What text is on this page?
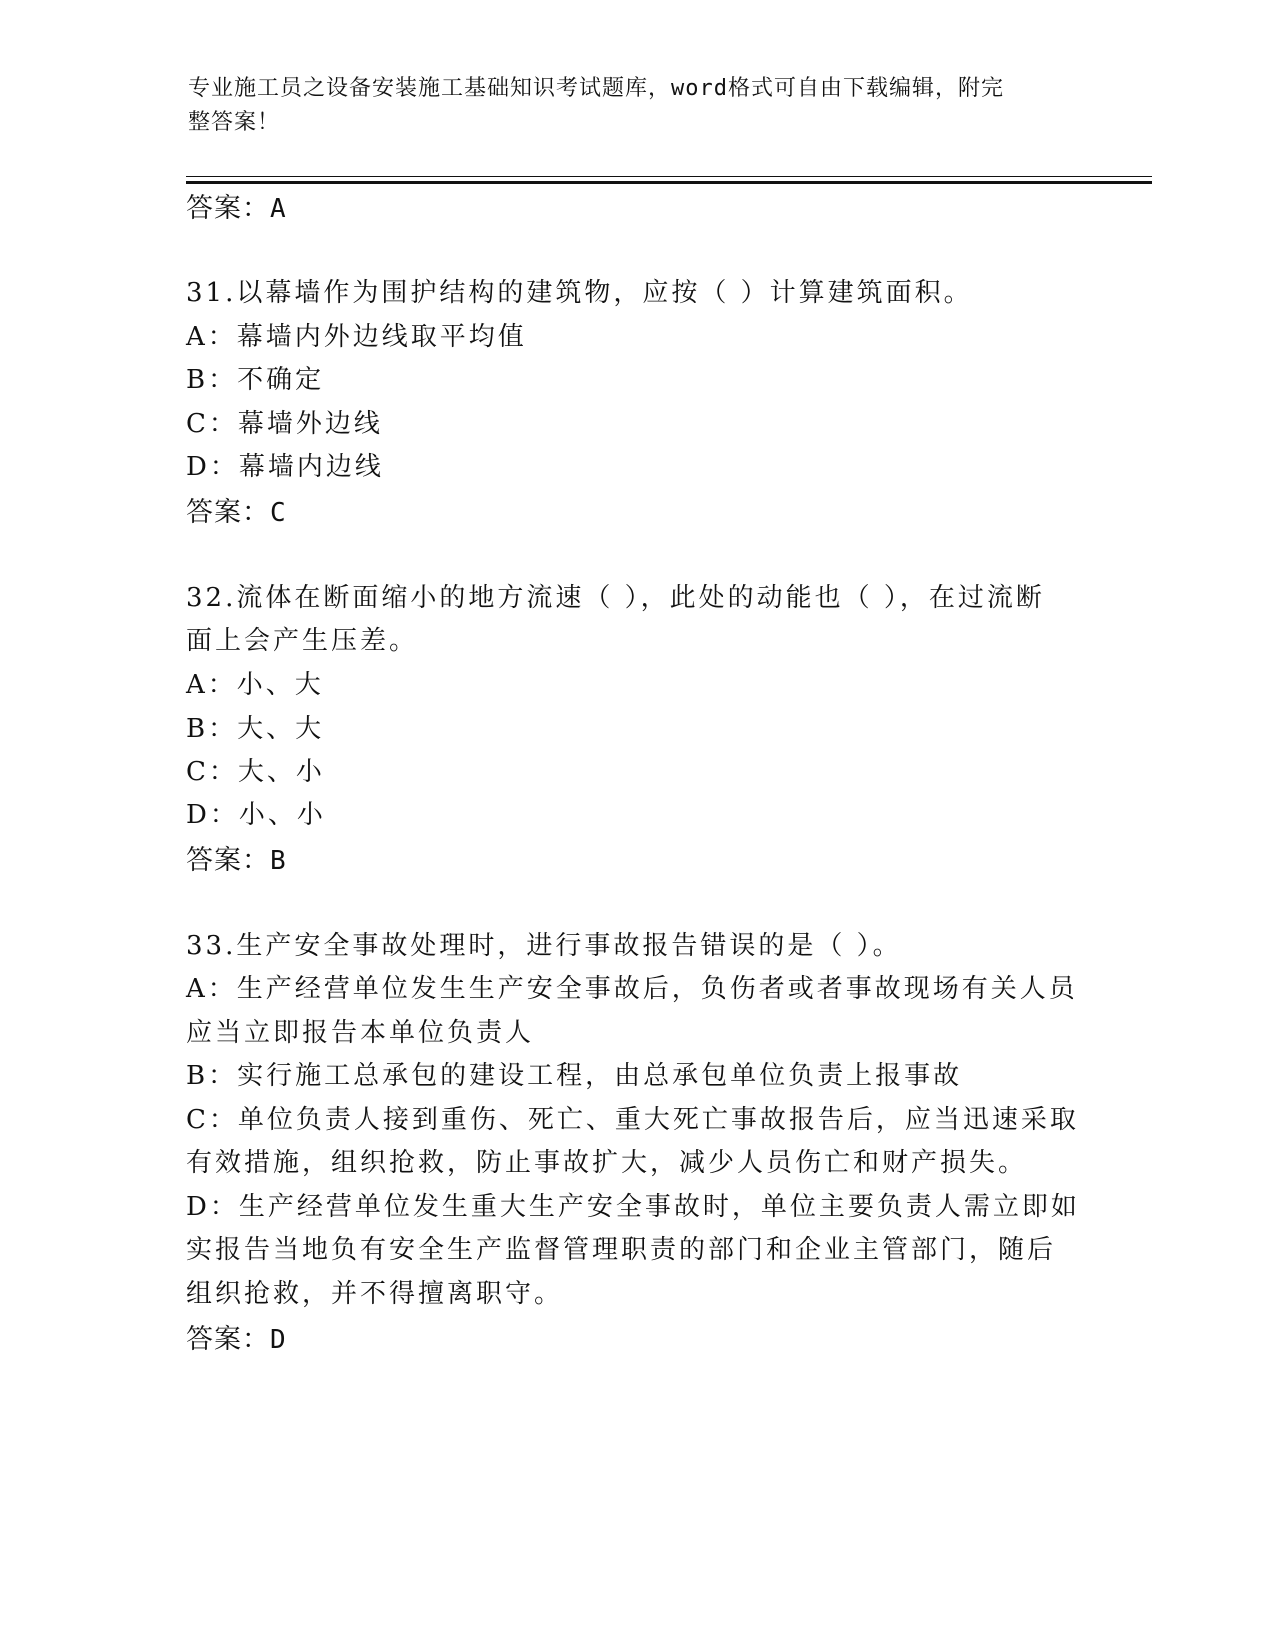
专业施工员之设备安装施工基础知识考试题库，word格式可自由下载编辑，附完
整答案！
答案：A
31.以幕墙作为围护结构的建筑物，应按（ ）计算建筑面积。
A：幕墙内外边线取平均值
B：不确定
C：幕墙外边线
D：幕墙内边线
答案：C
32.流体在断面缩小的地方流速（ ），此处的动能也（ ），在过流断
面上会产生压差。
A：小、大
B：大、大
C：大、小
D：小、小
答案：B
33.生产安全事故处理时，进行事故报告错误的是（ ）。
A：生产经营单位发生生产安全事故后，负伤者或者事故现场有关人员
应当立即报告本单位负责人
B：实行施工总承包的建设工程，由总承包单位负责上报事故
C：单位负责人接到重伤、死亡、重大死亡事故报告后，应当迅速采取
有效措施，组织抢救，防止事故扩大，减少人员伤亡和财产损失。
D：生产经营单位发生重大生产安全事故时，单位主要负责人需立即如
实报告当地负有安全生产监督管理职责的部门和企业主管部门，随后
组织抢救，并不得擅离职守。
答案：D
